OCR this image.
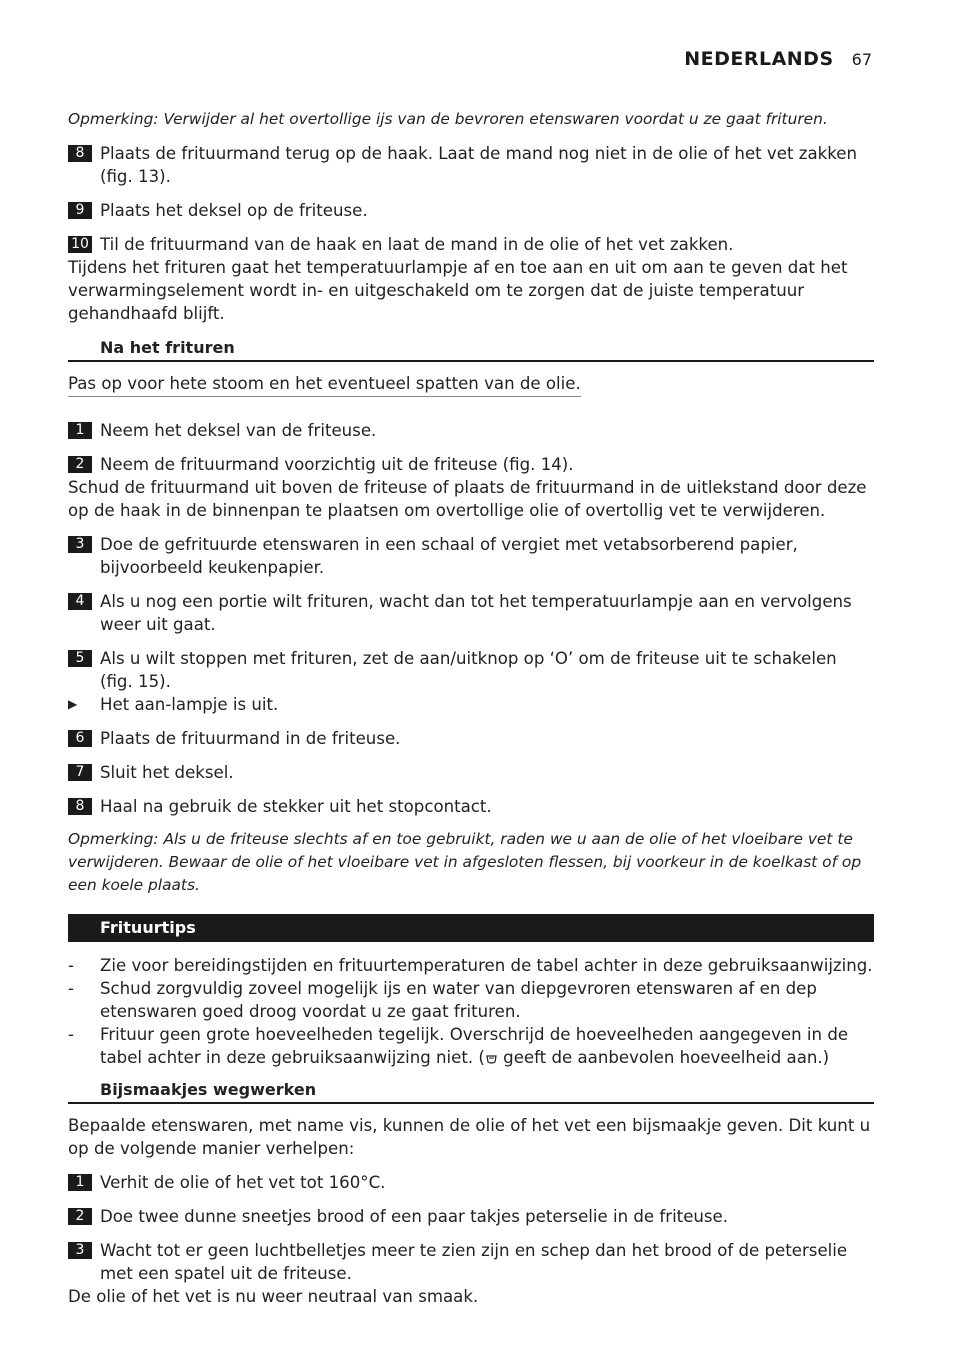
NEDERLANDS 67

Opmerking: Verwijder al het overtollige ijs van de bevroren etenswaren voordat u ze gaat frituren.

8 Plaats de frituurmand terug op de haak. Laat de mand nog niet in de olie of het vet zakken (fig. 13).

9 Plaats het deksel op de friteuse.

10 Til de frituurmand van de haak en laat de mand in de olie of het vet zakken.

Tijdens het frituren gaat het temperatuurlampje af en toe aan en uit om aan te geven dat het verwarmingselement wordt in- en uitgeschakeld om te zorgen dat de juiste temperatuur gehandhaafd blijft.

Na het frituren
Pas op voor hete stoom en het eventueel spatten van de olie.

1 Neem het deksel van de friteuse.

2 Neem de frituurmand voorzichtig uit de friteuse (fig. 14).

Schud de frituurmand uit boven de friteuse of plaats de frituurmand in de uitlekstand door deze op de haak in de binnenpan te plaatsen om overtollige olie of overtollig vet te verwijderen.

3 Doe de gefrituurde etenswaren in een schaal of vergiet met vetabsorberend papier, bijvoorbeeld keukenpapier.

4 Als u nog een portie wilt frituren, wacht dan tot het temperatuurlampje aan en vervolgens weer uit gaat.

5 Als u wilt stoppen met frituren, zet de aan/uitknop op ‘O’ om de friteuse uit te schakelen (fig. 15).

▶ Het aan-lampje is uit.

6 Plaats de frituurmand in de friteuse.

7 Sluit het deksel.

8 Haal na gebruik de stekker uit het stopcontact.

Opmerking: Als u de friteuse slechts af en toe gebruikt, raden we u aan de olie of het vloeibare vet te verwijderen. Bewaar de olie of het vloeibare vet in afgesloten flessen, bij voorkeur in de koelkast of op een koele plaats.

Frituurtips

- Zie voor bereidingstijden en frituurtemperaturen de tabel achter in deze gebruiksaanwijzing.

- Schud zorgvuldig zoveel mogelijk ijs en water van diepgevroren etenswaren af en dep etenswaren goed droog voordat u ze gaat frituren.

- Frituur geen grote hoeveelheden tegelijk. Overschrijd de hoeveelheden aangegeven in de tabel achter in deze gebruiksaanwijzing niet. ( geeft de aanbevolen hoeveelheid aan.)

Bijsmaakjes wegwerken

Bepaalde etenswaren, met name vis, kunnen de olie of het vet een bijsmaakje geven. Dit kunt u op de volgende manier verhelpen:

1 Verhit de olie of het vet tot 160°C.

2 Doe twee dunne sneetjes brood of een paar takjes peterselie in de friteuse.

3 Wacht tot er geen luchtbelletjes meer te zien zijn en schep dan het brood of de peterselie met een spatel uit de friteuse.

De olie of het vet is nu weer neutraal van smaak.
